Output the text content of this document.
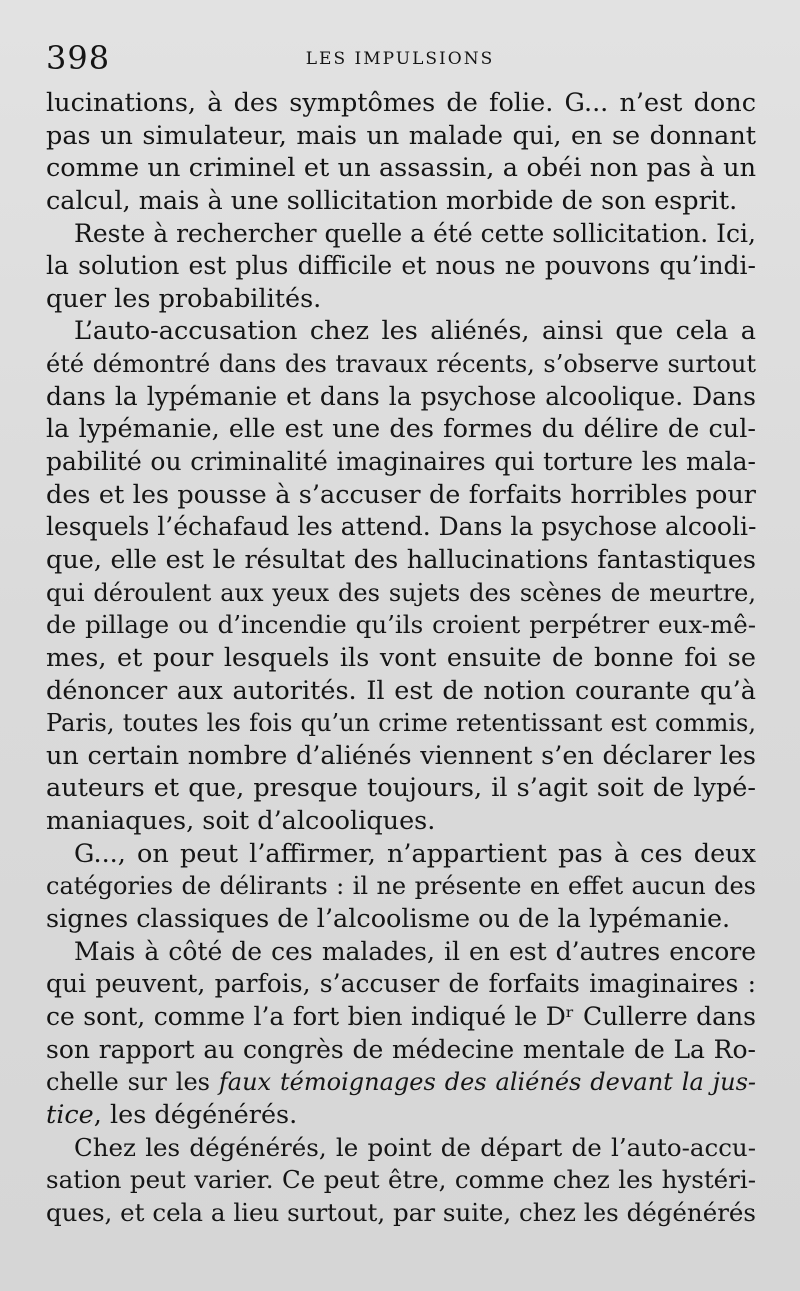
398	LES IMPULSIONS
lucinations, à des symptômes de folie. G... n’est donc
pas un simulateur, mais un malade qui, en se donnant
comme un criminel et un assassin, a obéi non pas à un
calcul, mais à une sollicitation morbide de son esprit.
Reste à rechercher quelle a été cette sollicitation. Ici,
la solution est plus difficile et nous ne pouvons qu’indi-
quer les probabilités.
L’auto-accusation chez les aliénés, ainsi que cela a
été démontré dans des travaux récents, s’observe surtout
dans la lypémanie et dans la psychose alcoolique. Dans
la lypémanie, elle est une des formes du délire de cul-
pabilité ou criminalité imaginaires qui torture les mala-
des et les pousse à s’accuser de forfaits horribles pour
lesquels l’échafaud les attend. Dans la psychose alcooli-
que, elle est le résultat des hallucinations fantastiques
qui déroulent aux yeux des sujets des scènes de meurtre,
de pillage ou d’incendie qu’ils croient perpétrer eux-mê-
mes, et pour lesquels ils vont ensuite de bonne foi se
dénoncer aux autorités. Il est de notion courante qu’à
Paris, toutes les fois qu’un crime retentissant est commis,
un certain nombre d’aliénés viennent s’en déclarer les
auteurs et que, presque toujours, il s’agit soit de lypé-
maniaques, soit d’alcooliques.
G..., on peut l’affirmer, n’appartient pas à ces deux
catégories de délirants : il ne présente en effet aucun des
signes classiques de l’alcoolisme ou de la lypémanie.
Mais à côté de ces malades, il en est d’autres encore
qui peuvent, parfois, s’accuser de forfaits imaginaires :
ce sont, comme l’a fort bien indiqué le Dʳ Cullerre dans
son rapport au congrès de médecine mentale de La Ro-
chelle sur les faux témoignages des aliénés devant la jus-
tice, les dégénérés.
Chez les dégénérés, le point de départ de l’auto-accu-
sation peut varier. Ce peut être, comme chez les hystéri-
ques, et cela a lieu surtout, par suite, chez les dégénérés
